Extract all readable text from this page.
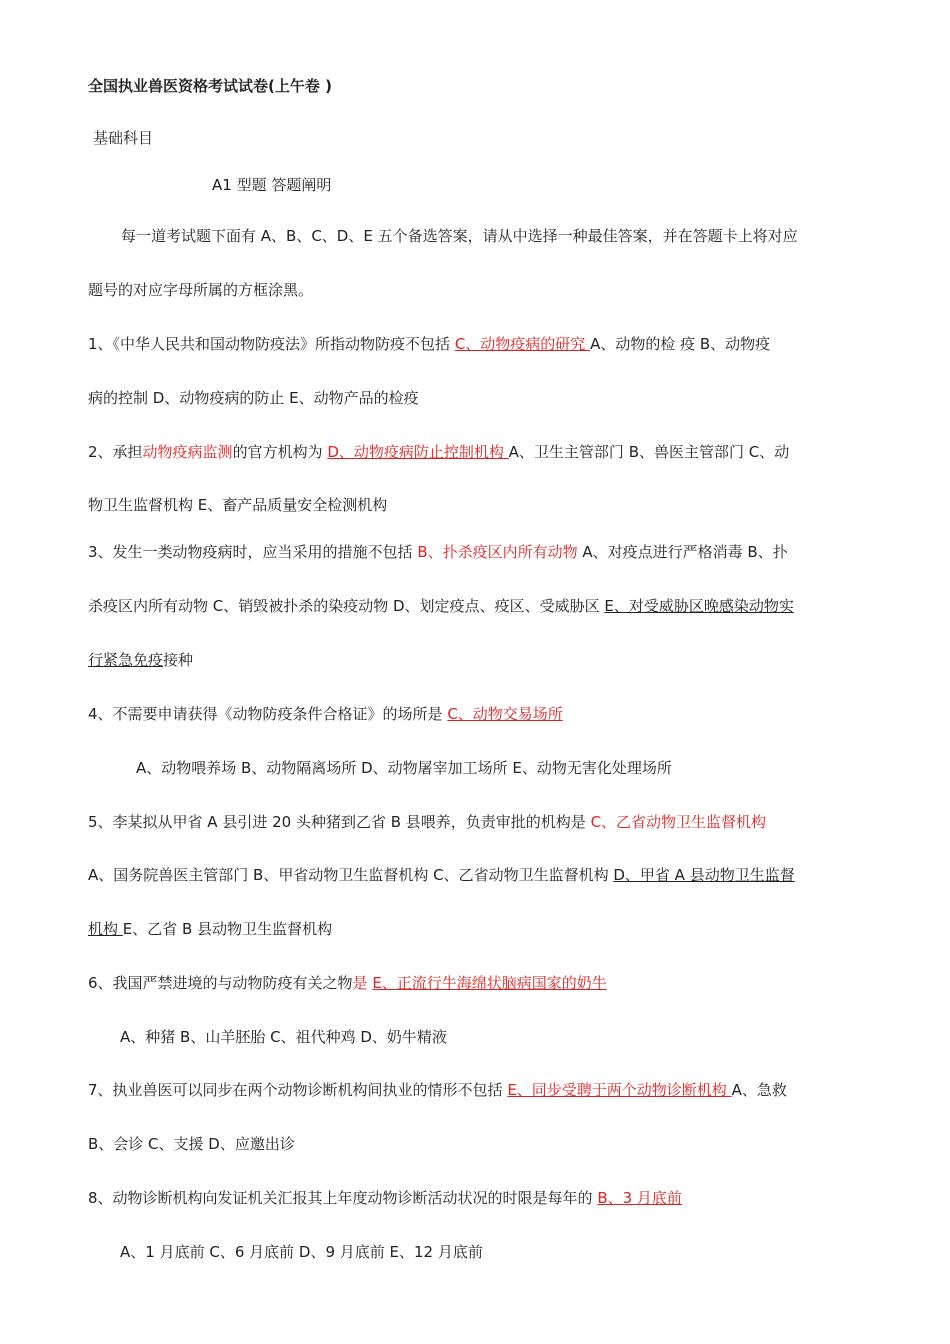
全国执业兽医资格考试试卷(上午卷 )
基础科目
A1 型题 答题阐明
每一道考试题下面有 A、B、C、D、E 五个备选答案，请从中选择一种最佳答案，并在答题卡上将对应
题号的对应字母所属的方框涂黑。
1、《中华人民共和国动物防疫法》所指动物防疫不包括 C、动物疫病的研究 A、动物的检 疫 B、动物疫
病的控制 D、动物疫病的防止 E、动物产品的检疫
2、承担动物疫病监测的官方机构为 D、动物疫病防止控制机构 A、卫生主管部门 B、兽医主管部门 C、动
物卫生监督机构 E、畜产品质量安全检测机构
3、发生一类动物疫病时，应当采用的措施不包括 B、扑杀疫区内所有动物 A、对疫点进行严格消毒 B、扑
杀疫区内所有动物 C、销毁被扑杀的染疫动物 D、划定疫点、疫区、受威胁区 E、对受威胁区晚感染动物实
行紧急免疫接种
4、不需要申请获得《动物防疫条件合格证》的场所是 C、动物交易场所
A、动物喂养场 B、动物隔离场所 D、动物屠宰加工场所 E、动物无害化处理场所
5、李某拟从甲省 A 县引进 20 头种猪到乙省 B 县喂养，负责审批的机构是 C、乙省动物卫生监督机构
A、国务院兽医主管部门 B、甲省动物卫生监督机构 C、乙省动物卫生监督机构 D、甲省 A 县动物卫生监督
机构 E、乙省 B 县动物卫生监督机构
6、我国严禁进境的与动物防疫有关之物是 E、正流行牛海绵状脑病国家的奶牛
A、种猪 B、山羊胚胎 C、祖代种鸡 D、奶牛精液
7、执业兽医可以同步在两个动物诊断机构间执业的情形不包括 E、同步受聘于两个动物诊断机构 A、急救
B、会诊 C、支援 D、应邀出诊
8、动物诊断机构向发证机关汇报其上年度动物诊断活动状况的时限是每年的 B、3 月底前
A、1 月底前 C、6 月底前 D、9 月底前 E、12 月底前
